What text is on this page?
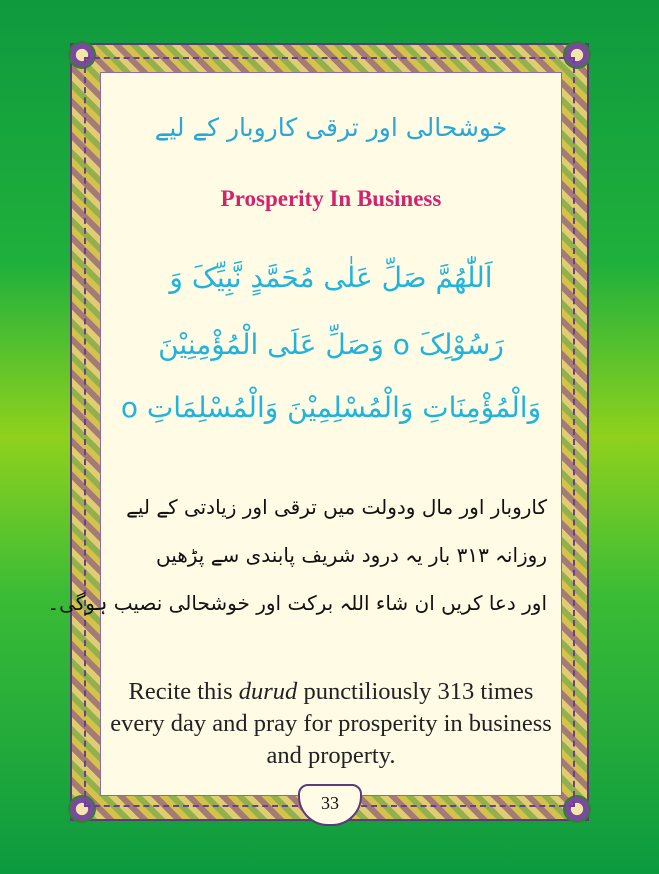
خوشحالی اور ترقی کاروبار کے لیے
Prosperity In Business
اَللّٰھُمَّ صَلِّ عَلٰی مُحَمَّدٍ نَّبِیِّکَ وَ
رَسُوْلِکَ o وَصَلِّ عَلَی الْمُؤْمِنِیْنَ
وَالْمُؤْمِنَاتِ وَالْمُسْلِمِیْنَ وَالْمُسْلِمَاتِ o
کاروبار اور مال ودولت میں ترقی اور زیادتی کے لیے
روزانہ ۳۱۳ بار یہ درود شریف پابندی سے پڑھیں
اور دعا کریں ان شاء اللہ برکت اور خوشحالی نصیب ہوگی۔
Recite this durud punctiliously 313 times every day and pray for prosperity in business and property.
33
